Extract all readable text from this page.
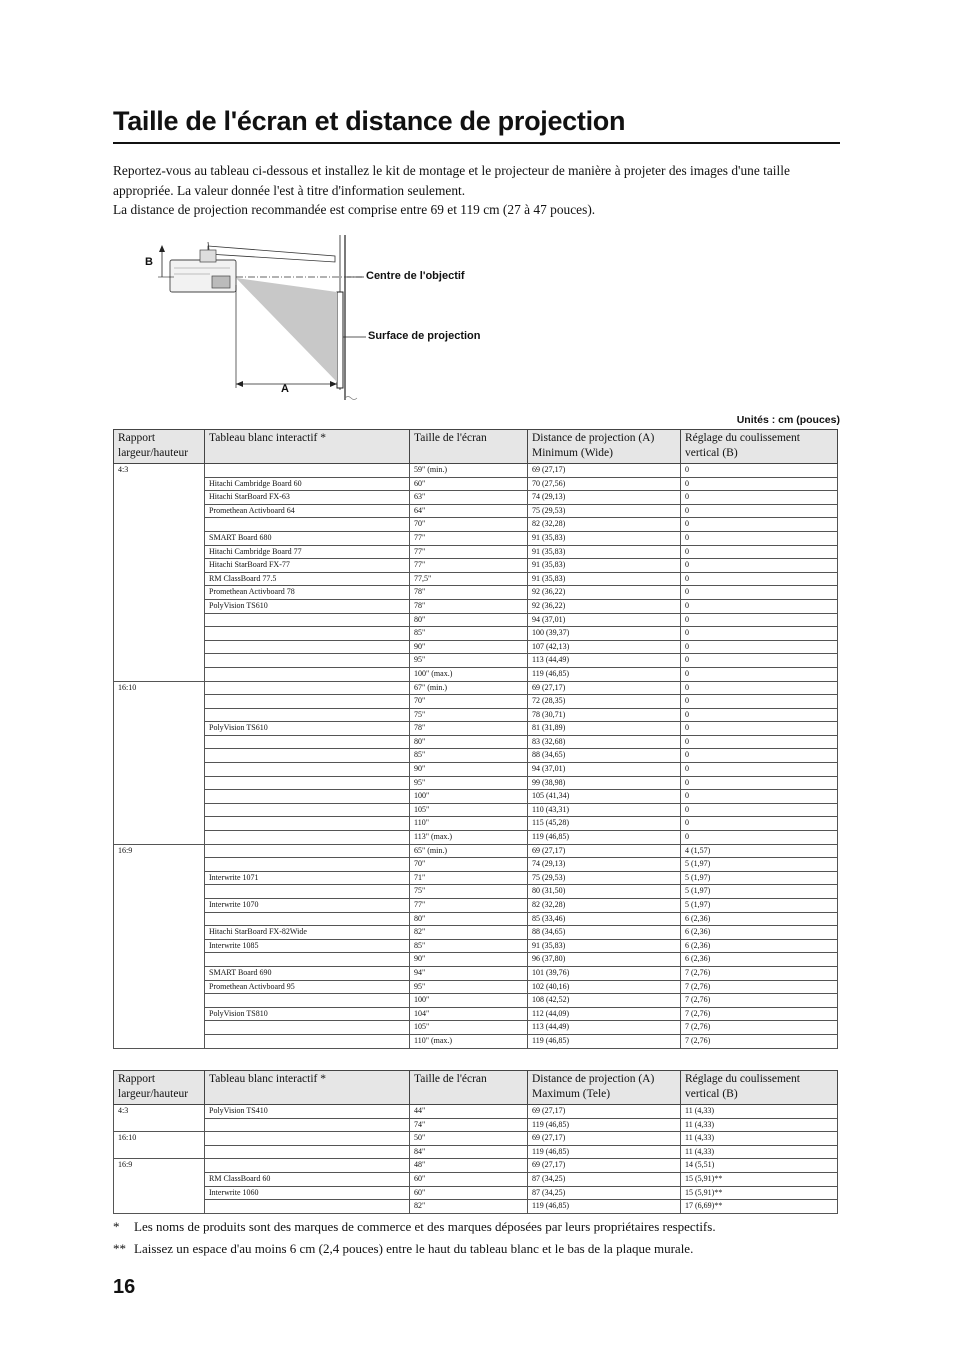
Taille de l'écran et distance de projection

Reportez-vous au tableau ci-dessous et installez le kit de montage et le projecteur de manière à projeter des images d'une taille appropriée. La valeur donnée l'est à titre d'information seulement.

La distance de projection recommandée est comprise entre 69 et 119 cm (27 à 47 pouces).

B
A
Centre de l'objectif
Surface de projection
Unités : cm (pouces)
Rapport largeur/hauteur	Tableau blanc interactif *	Taille de l'écran	Distance de projection (A) Minimum (Wide)	Réglage du coulissement vertical (B)
4:3		59" (min.)	69 (27,17)	0
	Hitachi Cambridge Board 60	60"	70 (27,56)	0
	Hitachi StarBoard FX-63	63"	74 (29,13)	0
	Promethean Activboard 64	64"	75 (29,53)	0
		70"	82 (32,28)	0
	SMART Board 680	77"	91 (35,83)	0
	Hitachi Cambridge Board 77	77"	91 (35,83)	0
	Hitachi StarBoard FX-77	77"	91 (35,83)	0
	RM ClassBoard 77.5	77,5"	91 (35,83)	0
	Promethean Activboard 78	78"	92 (36,22)	0
	PolyVision TS610	78"	92 (36,22)	0
		80"	94 (37,01)	0
		85"	100 (39,37)	0
		90"	107 (42,13)	0
		95"	113 (44,49)	0
		100" (max.)	119 (46,85)	0
16:10		67" (min.)	69 (27,17)	0
		70"	72 (28,35)	0
		75"	78 (30,71)	0
	PolyVision TS610	78"	81 (31,89)	0
		80"	83 (32,68)	0
		85"	88 (34,65)	0
		90"	94 (37,01)	0
		95"	99 (38,98)	0
		100"	105 (41,34)	0
		105"	110 (43,31)	0
		110"	115 (45,28)	0
		113" (max.)	119 (46,85)	0
16:9		65" (min.)	69 (27,17)	4 (1,57)
		70"	74 (29,13)	5 (1,97)
	Interwrite 1071	71"	75 (29,53)	5 (1,97)
		75"	80 (31,50)	5 (1,97)
	Interwrite 1070	77"	82 (32,28)	5 (1,97)
		80"	85 (33,46)	6 (2,36)
	Hitachi StarBoard FX-82Wide	82"	88 (34,65)	6 (2,36)
	Interwrite 1085	85"	91 (35,83)	6 (2,36)
		90"	96 (37,80)	6 (2,36)
	SMART Board 690	94"	101 (39,76)	7 (2,76)
	Promethean Activboard 95	95"	102 (40,16)	7 (2,76)
		100"	108 (42,52)	7 (2,76)
	PolyVision TS810	104"	112 (44,09)	7 (2,76)
		105"	113 (44,49)	7 (2,76)
		110" (max.)	119 (46,85)	7 (2,76)
Rapport largeur/hauteur	Tableau blanc interactif *	Taille de l'écran	Distance de projection (A) Maximum (Tele)	Réglage du coulissement vertical (B)
4:3	PolyVision TS410	44"	69 (27,17)	11 (4,33)
		74"	119 (46,85)	11 (4,33)
16:10		50"	69 (27,17)	11 (4,33)
		84"	119 (46,85)	11 (4,33)
16:9		48"	69 (27,17)	14 (5,51)
	RM ClassBoard 60	60"	87 (34,25)	15 (5,91)**
	Interwrite 1060	60"	87 (34,25)	15 (5,91)**
		82"	119 (46,85)	17 (6,69)**
* Les noms de produits sont des marques de commerce et des marques déposées par leurs propriétaires respectifs.
** Laissez un espace d'au moins 6 cm (2,4 pouces) entre le haut du tableau blanc et le bas de la plaque murale.
16
